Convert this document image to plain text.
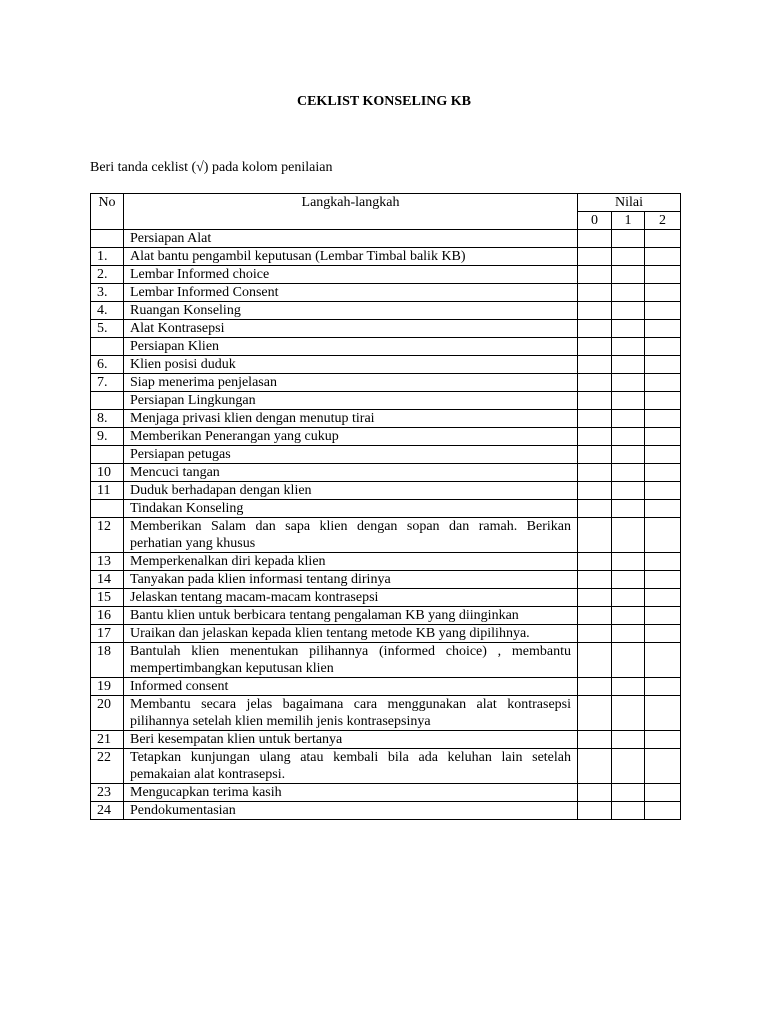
CEKLIST KONSELING KB
Beri tanda ceklist (√) pada kolom penilaian
No	Langkah-langkah	Nilai		
		0	1	2
	Persiapan Alat			
1.	Alat bantu pengambil keputusan (Lembar Timbal balik KB)			
2.	Lembar Informed choice			
3.	Lembar Informed Consent			
4.	Ruangan Konseling			
5.	Alat Kontrasepsi			
	Persiapan Klien			
6.	Klien posisi duduk			
7.	Siap menerima penjelasan			
	Persiapan Lingkungan			
8.	Menjaga privasi klien dengan menutup tirai			
9.	Memberikan Penerangan yang cukup			
	Persiapan petugas			
10	Mencuci tangan			
11	Duduk berhadapan dengan klien			
	Tindakan Konseling			
12	Memberikan Salam dan sapa klien dengan sopan dan ramah. Berikan perhatian yang khusus			
13	Memperkenalkan diri kepada klien			
14	Tanyakan pada klien informasi tentang dirinya			
15	Jelaskan tentang macam-macam kontrasepsi			
16	Bantu klien untuk berbicara tentang pengalaman KB yang diinginkan			
17	Uraikan dan jelaskan kepada klien tentang metode KB yang dipilihnya.			
18	Bantulah klien menentukan pilihannya (informed choice) , membantu mempertimbangkan keputusan klien			
19	Informed consent			
20	Membantu secara jelas bagaimana cara menggunakan alat kontrasepsi pilihannya setelah klien memilih jenis kontrasepsinya			
21	Beri kesempatan klien untuk bertanya			
22	Tetapkan kunjungan ulang atau kembali bila ada keluhan lain setelah pemakaian alat kontrasepsi.			
23	Mengucapkan terima kasih			
24	Pendokumentasian			
